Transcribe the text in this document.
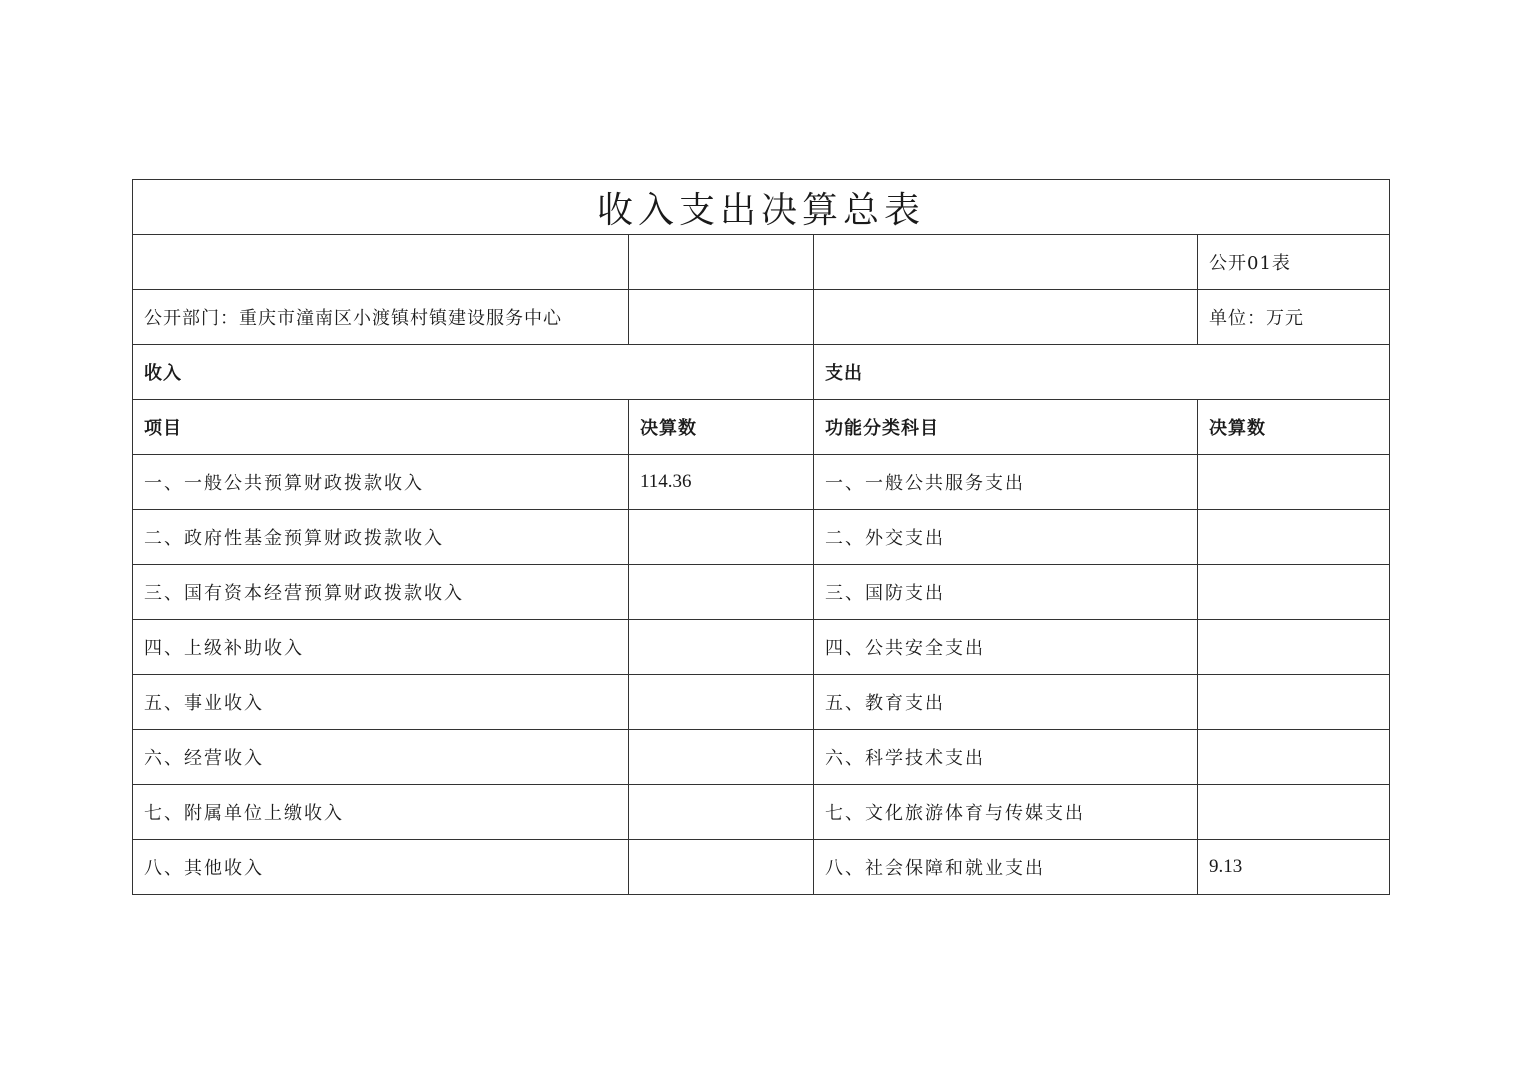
收入支出决算总表			
			公开01表
公开部门：重庆市潼南区小渡镇村镇建设服务中心			单位：万元
收入		支出	
项目	决算数	功能分类科目	决算数
一、一般公共预算财政拨款收入	114.36	一、一般公共服务支出	
二、政府性基金预算财政拨款收入		二、外交支出	
三、国有资本经营预算财政拨款收入		三、国防支出	
四、上级补助收入		四、公共安全支出	
五、事业收入		五、教育支出	
六、经营收入		六、科学技术支出	
七、附属单位上缴收入		七、文化旅游体育与传媒支出	
八、其他收入		八、社会保障和就业支出	9.13
